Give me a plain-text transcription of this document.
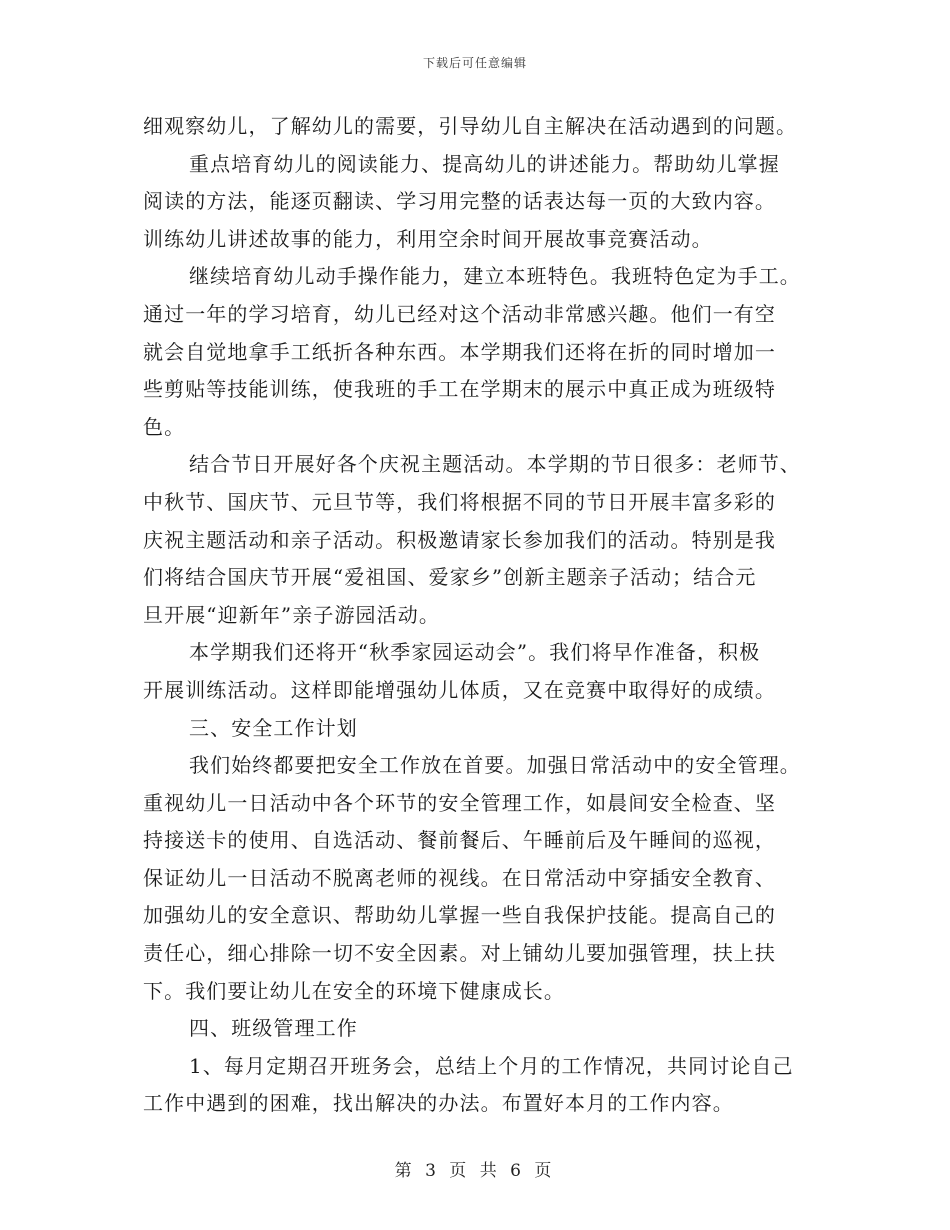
下载后可任意编辑
细观察幼儿，了解幼儿的需要，引导幼儿自主解决在活动遇到的问题。
重点培育幼儿的阅读能力、提高幼儿的讲述能力。帮助幼儿掌握
阅读的方法，能逐页翻读、学习用完整的话表达每一页的大致内容。
训练幼儿讲述故事的能力，利用空余时间开展故事竞赛活动。
继续培育幼儿动手操作能力，建立本班特色。我班特色定为手工。
通过一年的学习培育，幼儿已经对这个活动非常感兴趣。他们一有空
就会自觉地拿手工纸折各种东西。本学期我们还将在折的同时增加一
些剪贴等技能训练，使我班的手工在学期末的展示中真正成为班级特
色。
结合节日开展好各个庆祝主题活动。本学期的节日很多：老师节、
中秋节、国庆节、元旦节等，我们将根据不同的节日开展丰富多彩的
庆祝主题活动和亲子活动。积极邀请家长参加我们的活动。特别是我
们将结合国庆节开展“爱祖国、爱家乡”创新主题亲子活动；结合元
旦开展“迎新年”亲子游园活动。
本学期我们还将开“秋季家园运动会”。我们将早作准备，积极
开展训练活动。这样即能增强幼儿体质，又在竞赛中取得好的成绩。
三、安全工作计划
我们始终都要把安全工作放在首要。加强日常活动中的安全管理。
重视幼儿一日活动中各个环节的安全管理工作，如晨间安全检查、坚
持接送卡的使用、自选活动、餐前餐后、午睡前后及午睡间的巡视，
保证幼儿一日活动不脱离老师的视线。在日常活动中穿插安全教育、
加强幼儿的安全意识、帮助幼儿掌握一些自我保护技能。提高自己的
责任心，细心排除一切不安全因素。对上铺幼儿要加强管理，扶上扶
下。我们要让幼儿在安全的环境下健康成长。
四、班级管理工作
1、每月定期召开班务会，总结上个月的工作情况，共同讨论自己
工作中遇到的困难，找出解决的办法。布置好本月的工作内容。
第 3 页 共 6 页
